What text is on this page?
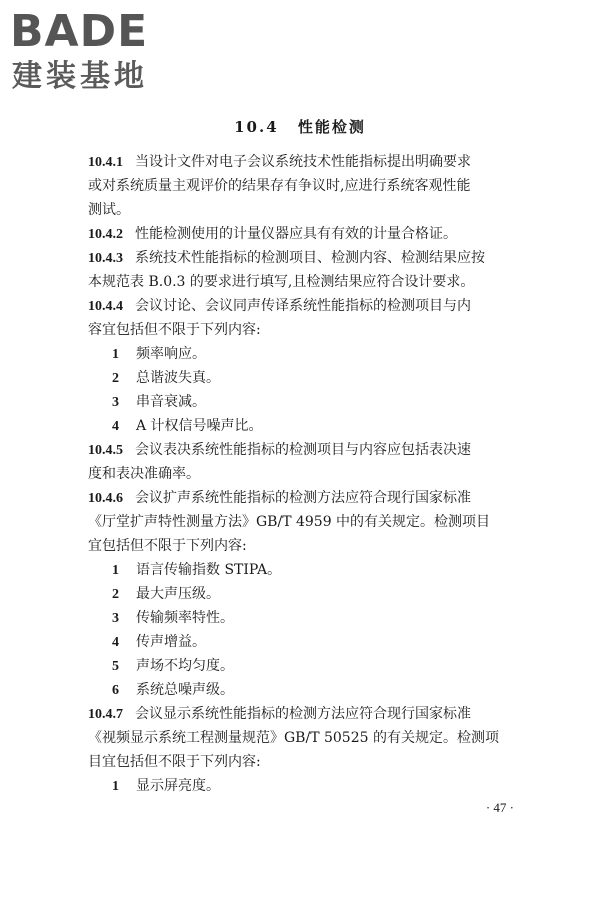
BADE
建装基地
10.4 性能检测
10.4.1 当设计文件对电子会议系统技术性能指标提出明确要求
或对系统质量主观评价的结果存有争议时,应进行系统客观性能
测试。
10.4.2 性能检测使用的计量仪器应具有有效的计量合格证。
10.4.3 系统技术性能指标的检测项目、检测内容、检测结果应按
本规范表 B.0.3 的要求进行填写,且检测结果应符合设计要求。
10.4.4 会议讨论、会议同声传译系统性能指标的检测项目与内
容宜包括但不限于下列内容:
1 频率响应。
2 总谐波失真。
3 串音衰减。
4 A 计权信号噪声比。
10.4.5 会议表决系统性能指标的检测项目与内容应包括表决速
度和表决准确率。
10.4.6 会议扩声系统性能指标的检测方法应符合现行国家标准
《厅堂扩声特性测量方法》GB/T 4959 中的有关规定。检测项目
宜包括但不限于下列内容:
1 语言传输指数 STIPA。
2 最大声压级。
3 传输频率特性。
4 传声增益。
5 声场不均匀度。
6 系统总噪声级。
10.4.7 会议显示系统性能指标的检测方法应符合现行国家标准
《视频显示系统工程测量规范》GB/T 50525 的有关规定。检测项
目宜包括但不限于下列内容:
1 显示屏亮度。
· 47 ·
